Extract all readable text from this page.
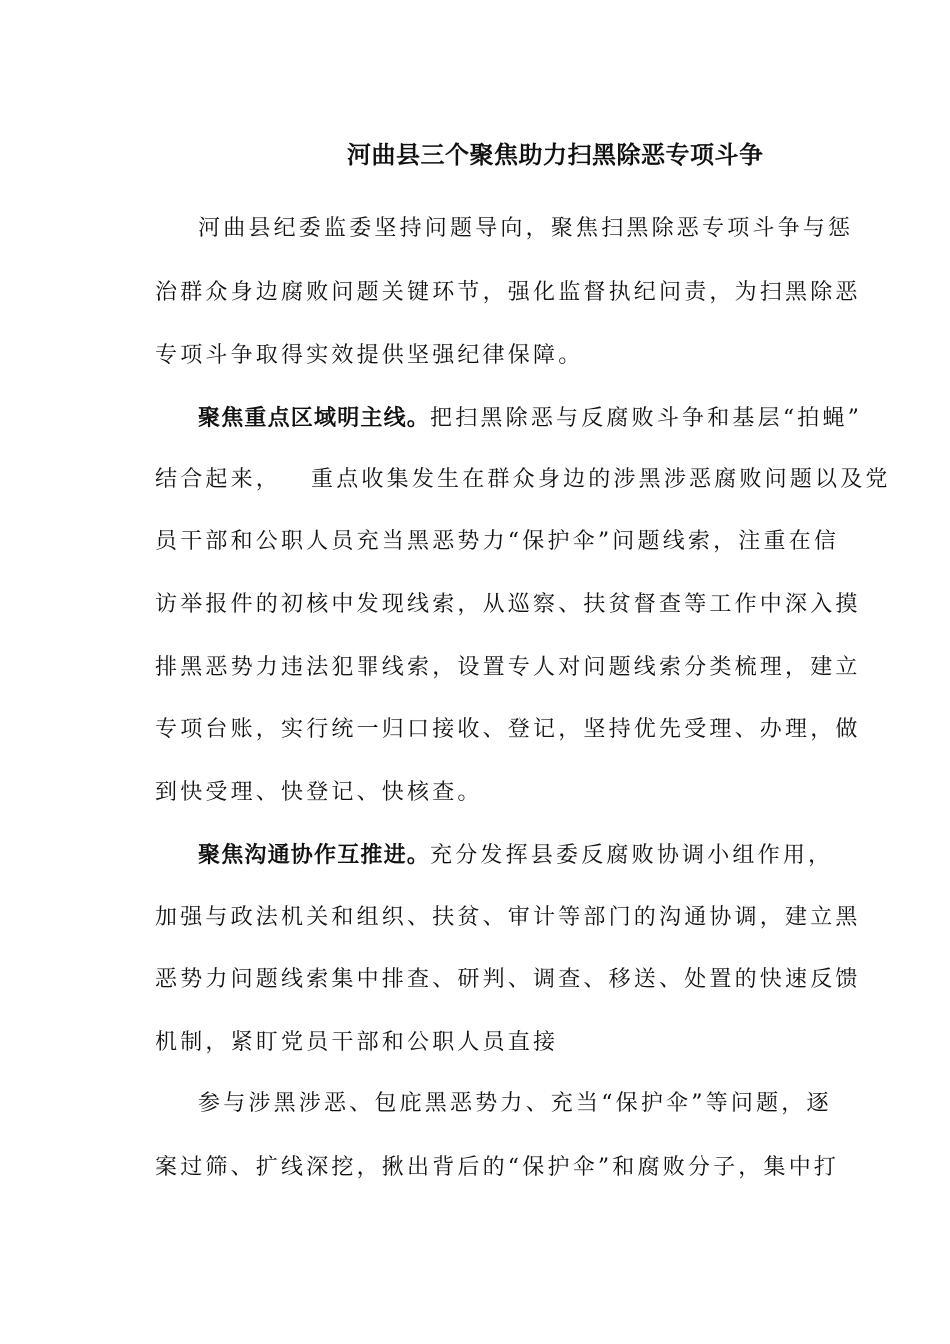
河曲县三个聚焦助力扫黑除恶专项斗争
河曲县纪委监委坚持问题导向，聚焦扫黑除恶专项斗争与惩
治群众身边腐败问题关键环节，强化监督执纪问责，为扫黑除恶
专项斗争取得实效提供坚强纪律保障。
聚焦重点区域明主线。把扫黑除恶与反腐败斗争和基层“拍蝇”
结合起来， 重点收集发生在群众身边的涉黑涉恶腐败问题以及党
员干部和公职人员充当黑恶势力“保护伞”问题线索，注重在信
访举报件的初核中发现线索，从巡察、扶贫督查等工作中深入摸
排黑恶势力违法犯罪线索，设置专人对问题线索分类梳理，建立
专项台账，实行统一归口接收、登记，坚持优先受理、办理，做
到快受理、快登记、快核查。
聚焦沟通协作互推进。充分发挥县委反腐败协调小组作用，
加强与政法机关和组织、扶贫、审计等部门的沟通协调，建立黑
恶势力问题线索集中排查、研判、调查、移送、处置的快速反馈
机制，紧盯党员干部和公职人员直接
参与涉黑涉恶、包庇黑恶势力、充当“保护伞”等问题，逐
案过筛、扩线深挖，揪出背后的“保护伞”和腐败分子，集中打
